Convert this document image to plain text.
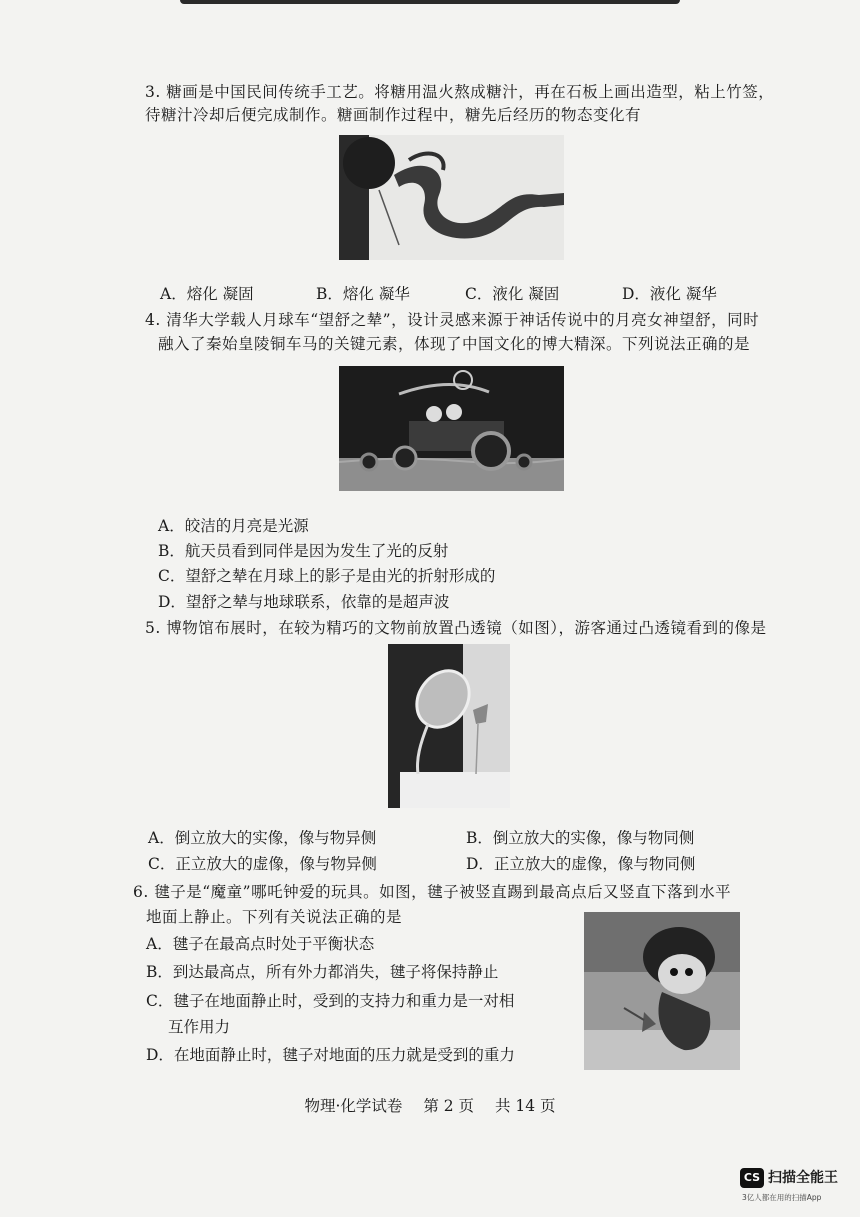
3. 糖画是中国民间传统手工艺。将糖用温火熬成糖汁，再在石板上画出造型，粘上竹签，
待糖汁冷却后便完成制作。糖画制作过程中，糖先后经历的物态变化有
A．熔化 凝固	B．熔化 凝华	C．液化 凝固	D．液化 凝华
4. 清华大学载人月球车“望舒之辇”，设计灵感来源于神话传说中的月亮女神望舒，同时
融入了秦始皇陵铜车马的关键元素，体现了中国文化的博大精深。下列说法正确的是
A．皎洁的月亮是光源
B．航天员看到同伴是因为发生了光的反射
C．望舒之辇在月球上的影子是由光的折射形成的
D．望舒之辇与地球联系，依靠的是超声波
5. 博物馆布展时，在较为精巧的文物前放置凸透镜（如图），游客通过凸透镜看到的像是
A．倒立放大的实像，像与物异侧	B．倒立放大的实像，像与物同侧
C．正立放大的虚像，像与物异侧	D．正立放大的虚像，像与物同侧
6. 毽子是“魔童”哪吒钟爱的玩具。如图，毽子被竖直踢到最高点后又竖直下落到水平
地面上静止。下列有关说法正确的是
A．毽子在最高点时处于平衡状态
B．到达最高点，所有外力都消失，毽子将保持静止
C．毽子在地面静止时，受到的支持力和重力是一对相
互作用力
D．在地面静止时，毽子对地面的压力就是受到的重力
物理·化学试卷 第 2 页 共 14 页
CS 扫描全能王
3亿人都在用的扫描App
